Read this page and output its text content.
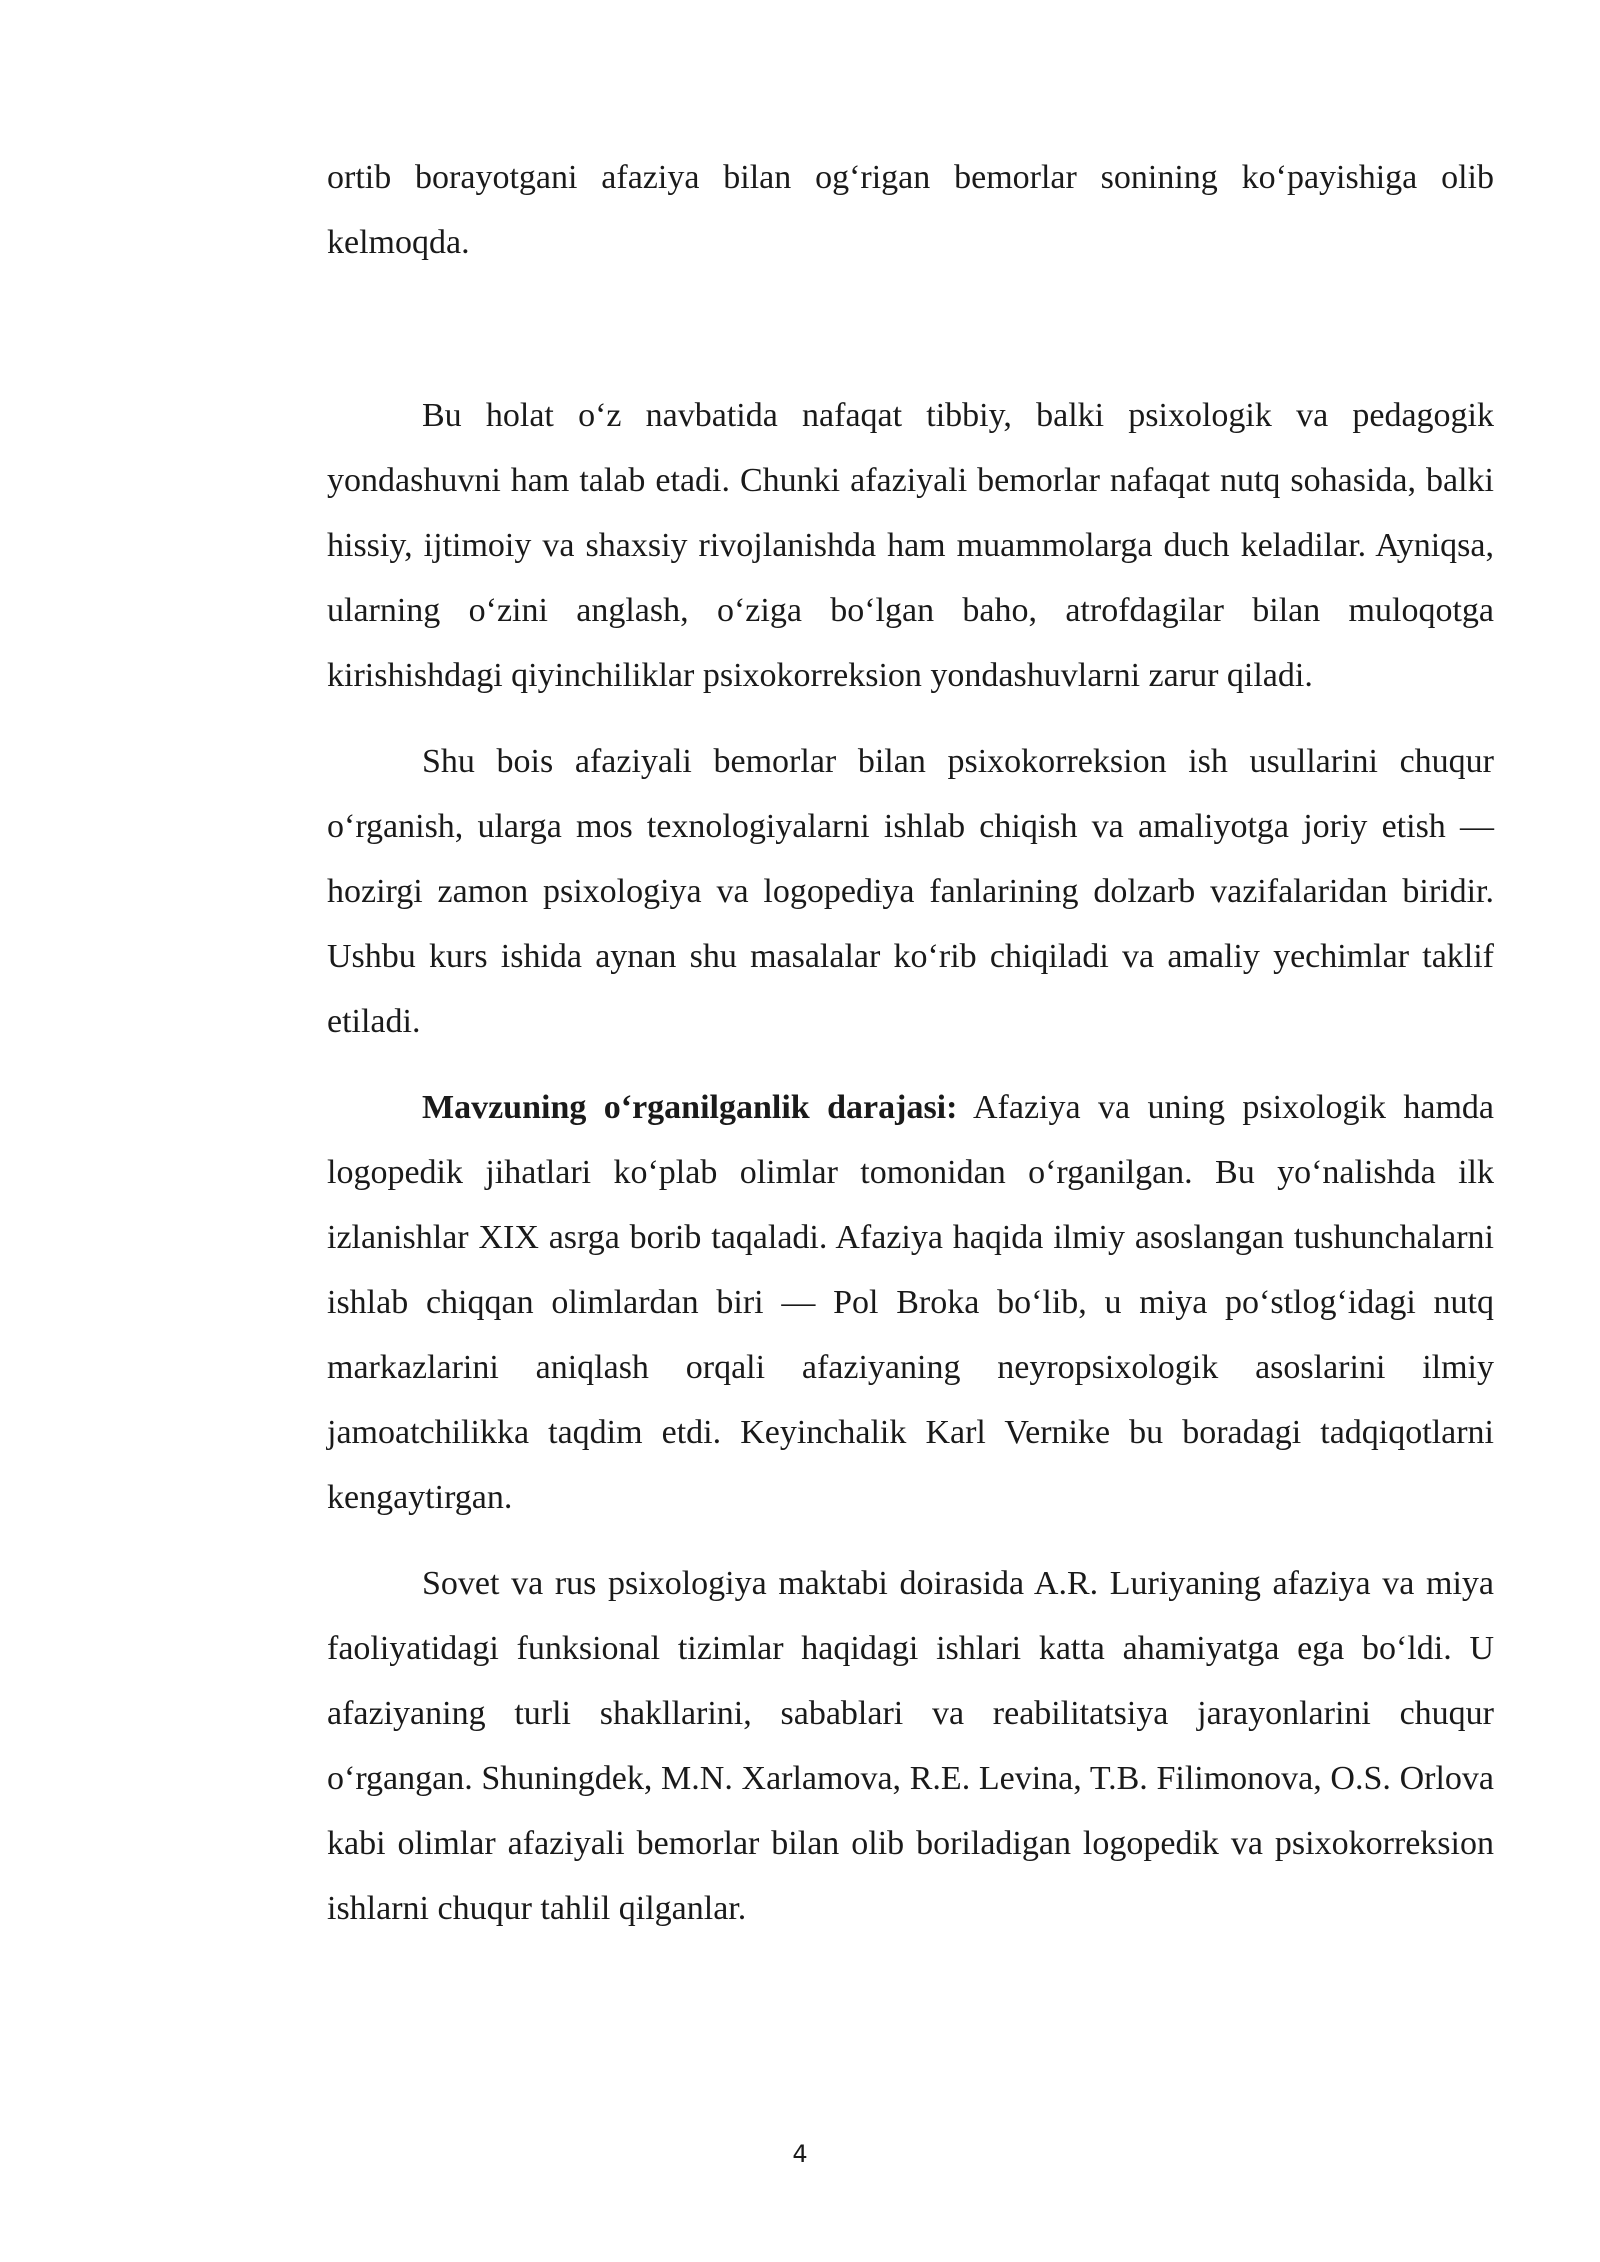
ortib borayotgani afaziya bilan og‘rigan bemorlar sonining ko‘payishiga olib kelmoqda.

Bu holat o‘z navbatida nafaqat tibbiy, balki psixologik va pedagogik yondashuvni ham talab etadi. Chunki afaziyali bemorlar nafaqat nutq sohasida, balki hissiy, ijtimoiy va shaxsiy rivojlanishda ham muammolarga duch keladilar. Ayniqsa, ularning o‘zini anglash, o‘ziga bo‘lgan baho, atrofdagilar bilan muloqotga kirishishdagi qiyinchiliklar psixokorreksion yondashuvlarni zarur qiladi.

Shu bois afaziyali bemorlar bilan psixokorreksion ish usullarini chuqur o‘rganish, ularga mos texnologiyalarni ishlab chiqish va amaliyotga joriy etish — hozirgi zamon psixologiya va logopediya fanlarining dolzarb vazifalaridan biridir. Ushbu kurs ishida aynan shu masalalar ko‘rib chiqiladi va amaliy yechimlar taklif etiladi.

Mavzuning o‘rganilganlik darajasi: Afaziya va uning psixologik hamda logopedik jihatlari ko‘plab olimlar tomonidan o‘rganilgan. Bu yo‘nalishda ilk izlanishlar XIX asrga borib taqaladi. Afaziya haqida ilmiy asoslangan tushunchalarni ishlab chiqqan olimlardan biri — Pol Broka bo‘lib, u miya po‘stlog‘idagi nutq markazlarini aniqlash orqali afaziyaning neyropsixologik asoslarini ilmiy jamoatchilikka taqdim etdi. Keyinchalik Karl Vernike bu boradagi tadqiqotlarni kengaytirgan.

Sovet va rus psixologiya maktabi doirasida A.R. Luriyaning afaziya va miya faoliyatidagi funksional tizimlar haqidagi ishlari katta ahamiyatga ega bo‘ldi. U afaziyaning turli shakllarini, sabablari va reabilitatsiya jarayonlarini chuqur o‘rgangan. Shuningdek, M.N. Xarlamova, R.E. Levina, T.B. Filimonova, O.S. Orlova kabi olimlar afaziyali bemorlar bilan olib boriladigan logopedik va psixokorreksion ishlarni chuqur tahlil qilganlar.

4
